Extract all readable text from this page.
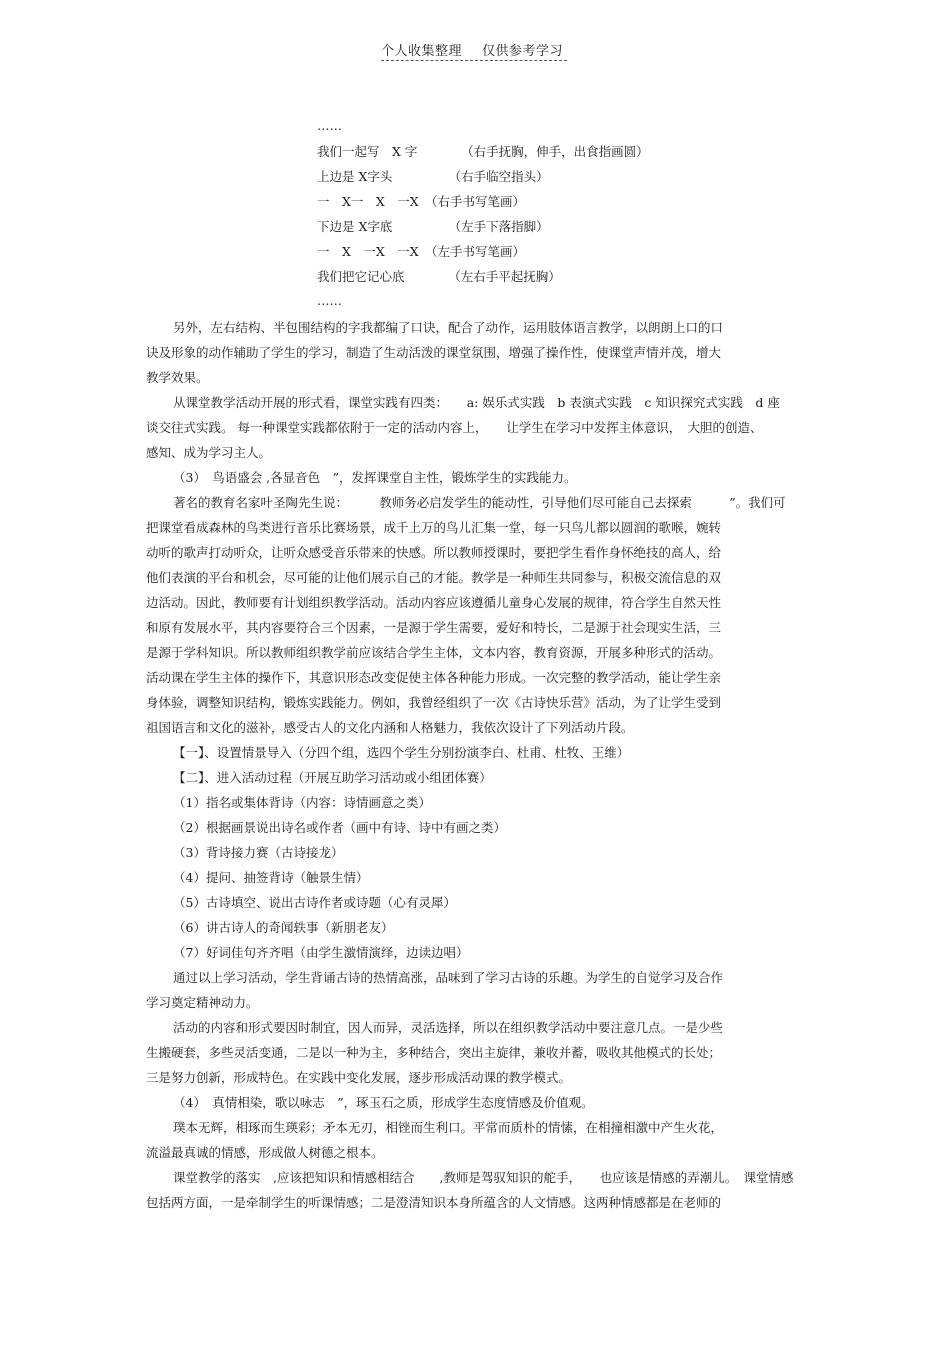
个人收集整理 仅供参考学习
……
我们一起写　X 字　　　　（右手抚胸，伸手，出食指画圆）
上边是 X字头　　　　　（右手临空指头）
一　X一　X　一X　（右手书写笔画）
下边是 X字底　　　　　（左手下落指脚）
一　X　一X　一X　（左手书写笔画）
我们把它记心底　　　　（左右手平起抚胸）
……
另外，左右结构、半包围结构的字我都编了口诀，配合了动作，运用肢体语言教学，以朗朗上口的口
诀及形象的动作辅助了学生的学习，制造了生动活泼的课堂氛围，增强了操作性，使课堂声情并茂，增大
教学效果。
从课堂教学活动开展的形式看，课堂实践有四类：　　a: 娱乐式实践　b 表演式实践　c 知识探究式实践　d 座
谈交往式实践。 每一种课堂实践都依附于一定的活动内容上，　　让学生在学习中发挥主体意识，　大胆的创造、
感知、成为学习主人。
（3）　鸟语盛会 ,各显音色　”，发挥课堂自主性，锻炼学生的实践能力。
著名的教育名家叶圣陶先生说：　　　教师务必启发学生的能动性，引导他们尽可能自己去探索　　　”。我们可
把课堂看成森林的鸟类进行音乐比赛场景，成千上万的鸟儿汇集一堂，每一只鸟儿都以圆润的歌喉，婉转
动听的歌声打动听众，让听众感受音乐带来的快感。所以教师授课时，要把学生看作身怀绝技的高人，给
他们表演的平台和机会，尽可能的让他们展示自己的才能。教学是一种师生共同参与，积极交流信息的双
边活动。因此，教师要有计划组织教学活动。活动内容应该遵循儿童身心发展的规律，符合学生自然天性
和原有发展水平，其内容要符合三个因素，一是源于学生需要，爱好和特长，二是源于社会现实生活，三
是源于学科知识。所以教师组织教学前应该结合学生主体，文本内容，教育资源，开展多种形式的活动。
活动课在学生主体的操作下，其意识形态改变促使主体各种能力形成。一次完整的教学活动，能让学生亲
身体验，调整知识结构，锻炼实践能力。例如，我曾经组织了一次《古诗快乐营》活动，为了让学生受到
祖国语言和文化的滋补，感受古人的文化内涵和人格魅力，我依次设计了下列活动片段。
【一】、设置情景导入（分四个组，选四个学生分别扮演李白、杜甫、杜牧、王维）
【二】、进入活动过程（开展互助学习活动或小组团体赛）
（1）指名或集体背诗（内容：诗情画意之类）
（2）根据画景说出诗名或作者（画中有诗、诗中有画之类）
（3）背诗接力赛（古诗接龙）
（4）提问、抽签背诗（触景生情）
（5）古诗填空、说出古诗作者或诗题（心有灵犀）
（6）讲古诗人的奇闻轶事（新朋老友）
（7）好词佳句齐齐唱（由学生激情演绎，边读边唱）
通过以上学习活动，学生背诵古诗的热情高涨，品味到了学习古诗的乐趣。为学生的自觉学习及合作
学习奠定精神动力。
活动的内容和形式要因时制宜，因人而异，灵活选择，所以在组织教学活动中要注意几点。一是少些
生搬硬套，多些灵活变通，二是以一种为主，多种结合，突出主旋律，兼收并蓄，吸收其他模式的长处；
三是努力创新，形成特色。在实践中变化发展，逐步形成活动课的教学模式。
（4）　真情相染，歌以咏志　”，琢玉石之质，形成学生态度情感及价值观。
璞本无辉，相琢而生瑛彩；矛本无刃，相锉而生利口。平常而质朴的情愫，在相撞相激中产生火花，
流溢最真诚的情感，形成做人树德之根本。
课堂教学的落实　,应该把知识和情感相结合　　,教师是驾驭知识的舵手，　　也应该是情感的弄潮儿。　课堂情感
包括两方面，一是牵制学生的听课情感；二是澄清知识本身所蕴含的人文情感。这两种情感都是在老师的
